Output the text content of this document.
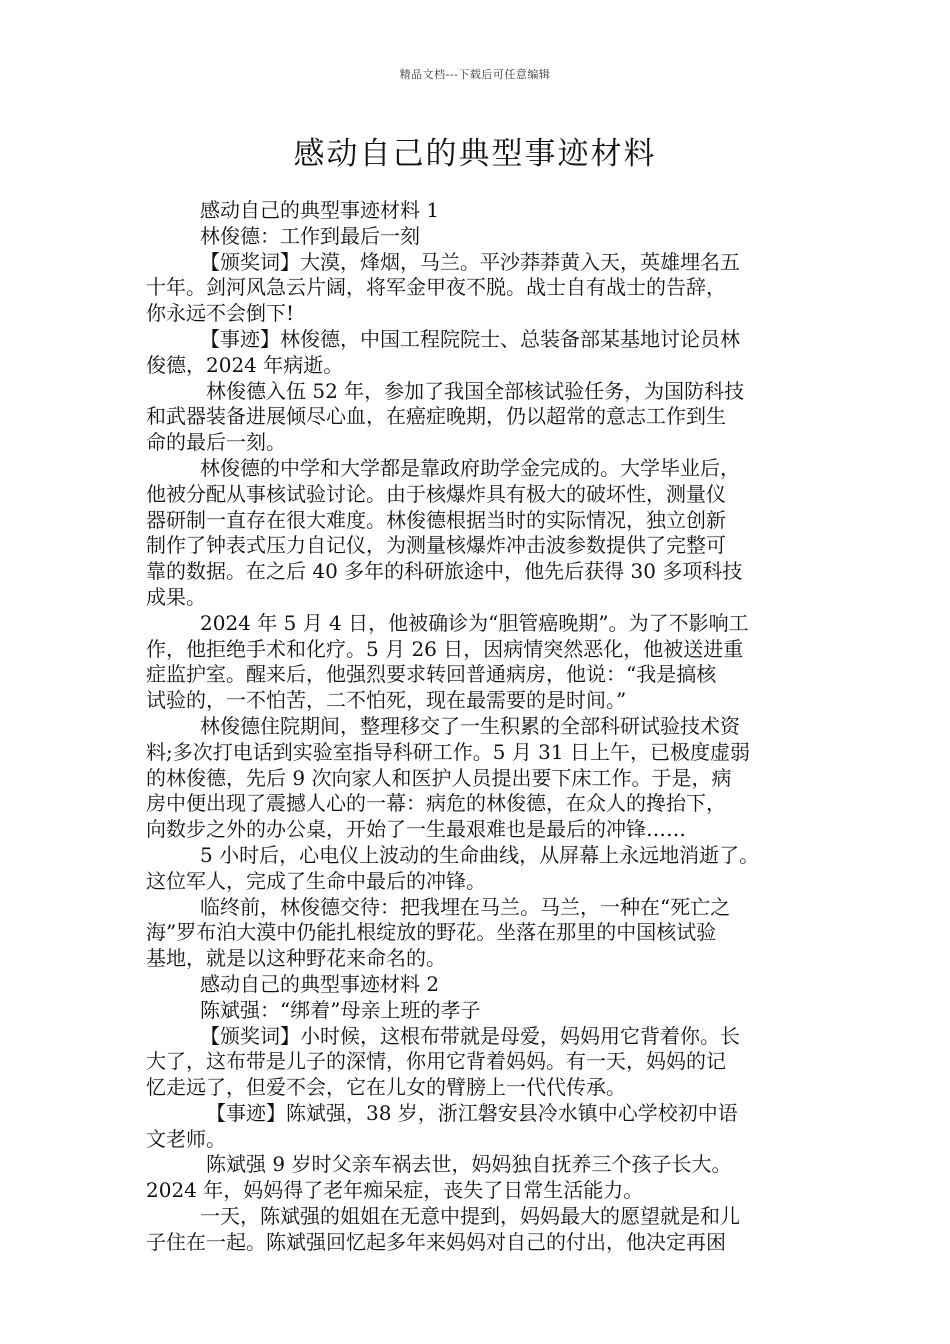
精品文档---下载后可任意编辑
感动自己的典型事迹材料
感动自己的典型事迹材料 1
林俊德：工作到最后一刻
【颁奖词】大漠，烽烟，马兰。平沙莽莽黄入天，英雄埋名五
十年。剑河风急云片阔，将军金甲夜不脱。战士自有战士的告辞，
你永远不会倒下!
【事迹】林俊德，中国工程院院士、总装备部某基地讨论员林
俊德，2024 年病逝。
林俊德入伍 52 年，参加了我国全部核试验任务，为国防科技
和武器装备进展倾尽心血，在癌症晚期，仍以超常的意志工作到生
命的最后一刻。
林俊德的中学和大学都是靠政府助学金完成的。大学毕业后，
他被分配从事核试验讨论。由于核爆炸具有极大的破坏性，测量仪
器研制一直存在很大难度。林俊德根据当时的实际情况，独立创新
制作了钟表式压力自记仪，为测量核爆炸冲击波参数提供了完整可
靠的数据。在之后 40 多年的科研旅途中，他先后获得 30 多项科技
成果。
2024 年 5 月 4 日，他被确诊为“胆管癌晚期”。为了不影响工
作，他拒绝手术和化疗。5 月 26 日，因病情突然恶化，他被送进重
症监护室。醒来后，他强烈要求转回普通病房，他说：“我是搞核
试验的，一不怕苦，二不怕死，现在最需要的是时间。”
林俊德住院期间，整理移交了一生积累的全部科研试验技术资
料;多次打电话到实验室指导科研工作。5 月 31 日上午，已极度虚弱
的林俊德，先后 9 次向家人和医护人员提出要下床工作。于是，病
房中便出现了震撼人心的一幕：病危的林俊德，在众人的搀抬下，
向数步之外的办公桌，开始了一生最艰难也是最后的冲锋……
5 小时后，心电仪上波动的生命曲线，从屏幕上永远地消逝了。
这位军人，完成了生命中最后的冲锋。
临终前，林俊德交待：把我埋在马兰。马兰，一种在“死亡之
海”罗布泊大漠中仍能扎根绽放的野花。坐落在那里的中国核试验
基地，就是以这种野花来命名的。
感动自己的典型事迹材料 2
陈斌强：“绑着”母亲上班的孝子
【颁奖词】小时候，这根布带就是母爱，妈妈用它背着你。长
大了，这布带是儿子的深情，你用它背着妈妈。有一天，妈妈的记
忆走远了，但爱不会，它在儿女的臂膀上一代代传承。
【事迹】陈斌强，38 岁，浙江磐安县冷水镇中心学校初中语
文老师。
陈斌强 9 岁时父亲车祸去世，妈妈独自抚养三个孩子长大。
2024 年，妈妈得了老年痴呆症，丧失了日常生活能力。
一天，陈斌强的姐姐在无意中提到，妈妈最大的愿望就是和儿
子住在一起。陈斌强回忆起多年来妈妈对自己的付出，他决定再困
